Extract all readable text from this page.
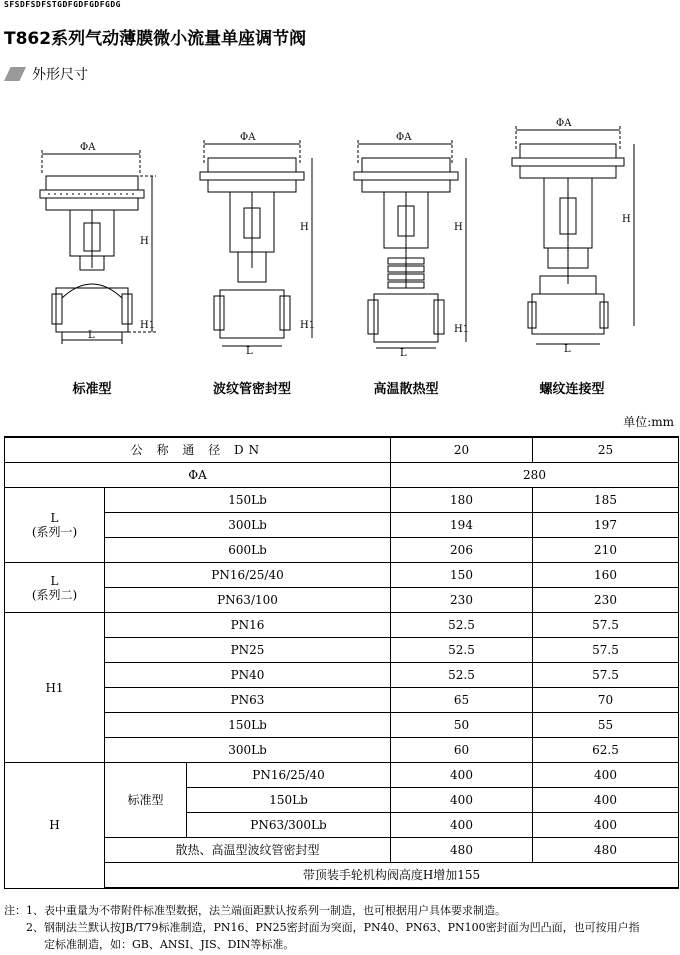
SFSDFSDFSTGDFGDFGDFGDG
T862系列气动薄膜微小流量单座调节阀
外形尺寸
ΦA
L
H
H1
ΦA
L
H
H1
ΦA
L
H
H1
ΦA
L
H
标准型	波纹管密封型	高温散热型	螺纹连接型
单位:mm
公 称 通 径 DN			20	25
ΦA			280	
L
(系列一)	150Lb		180	185
	300Lb		194	197
	600Lb		206	210
L
(系列二)	PN16/25/40		150	160
	PN63/100		230	230
H1	PN16		52.5	57.5
	PN25		52.5	57.5
	PN40		52.5	57.5
	PN63		65	70
	150Lb		50	55
	300Lb		60	62.5
H	标准型	PN16/25/40	400	400
		150Lb	400	400
		PN63/300Lb	400	400
	散热、高温型波纹管密封型		480	480
	带顶装手轮机构阀高度H增加155			
注：1、表中重量为不带附件标准型数据，法兰端面距默认按系列一制造，也可根据用户具体要求制造。
2、钢制法兰默认按JB/T79标准制造，PN16、PN25密封面为突面，PN40、PN63、PN100密封面为凹凸面，也可按用户指
定标准制造，如：GB、ANSI、JIS、DIN等标准。
